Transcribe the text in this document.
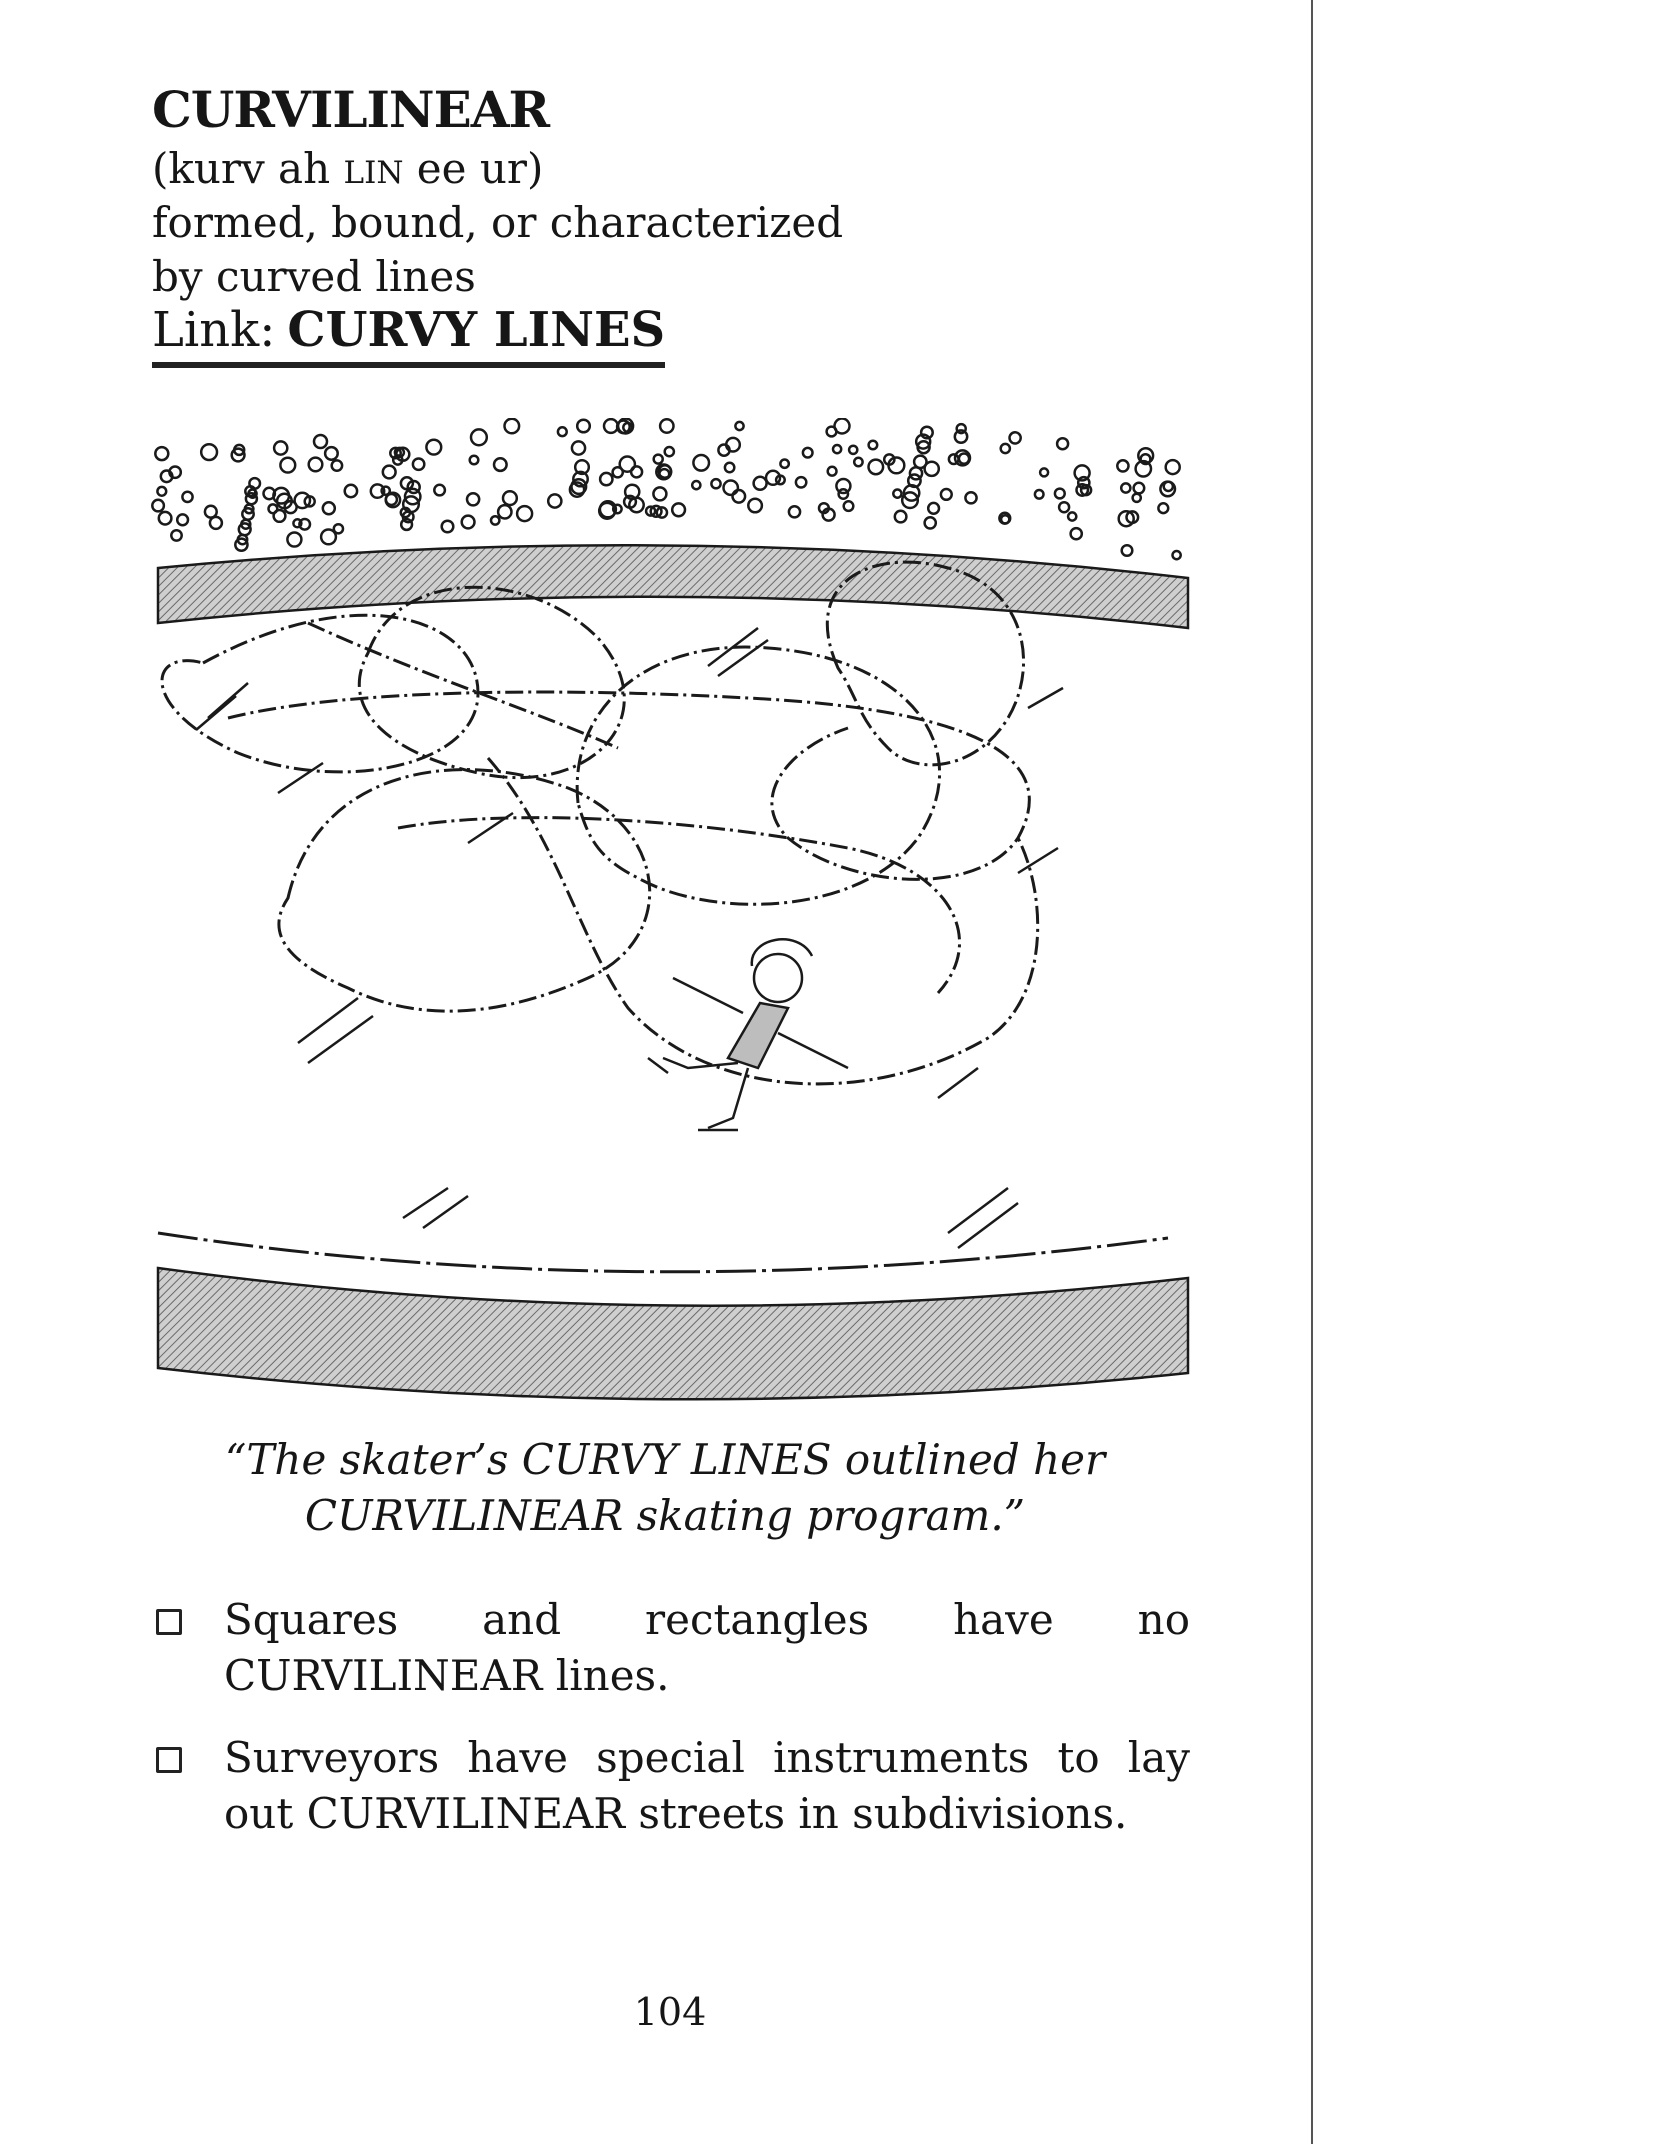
CURVILINEAR
(kurv ah LIN ee ur)
formed, bound, or characterized
by curved lines
Link: CURVY LINES
“The skater’s CURVY LINES outlined her
CURVILINEAR skating program.”
Squares and rectangles have no CURVILINEAR lines.
Surveyors have special instruments to lay out CURVILINEAR streets in subdivisions.
104
